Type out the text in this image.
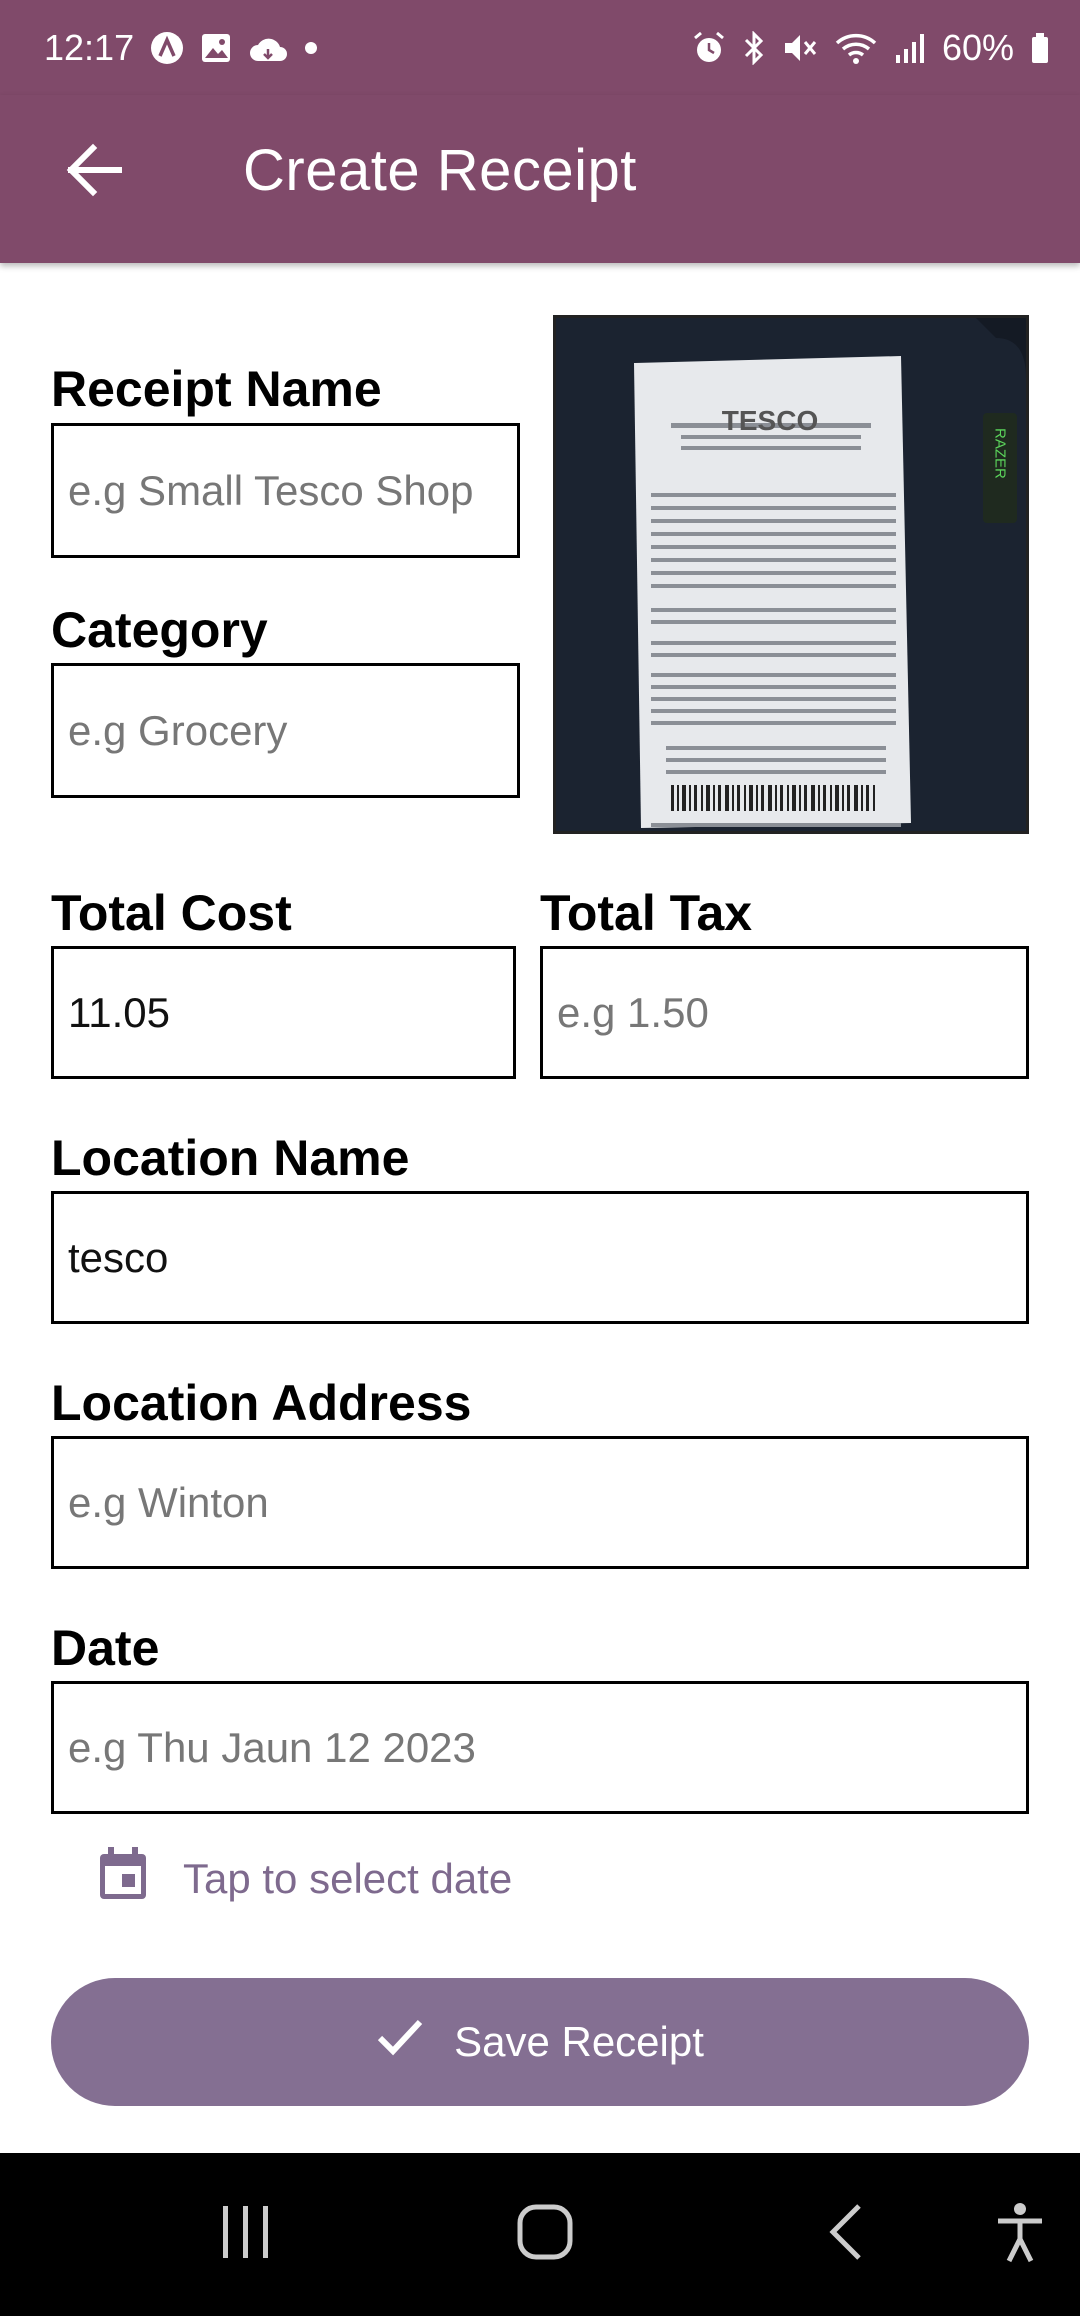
12:17	60%
Create Receipt
Receipt Name
e.g Small Tesco Shop
Category
e.g Grocery
TESCO
RAZER
Total Cost
11.05
Total Tax
e.g 1.50
Location Name
tesco
Location Address
e.g Winton
Date
e.g Thu Jaun 12 2023
Tap to select date
Save Receipt
